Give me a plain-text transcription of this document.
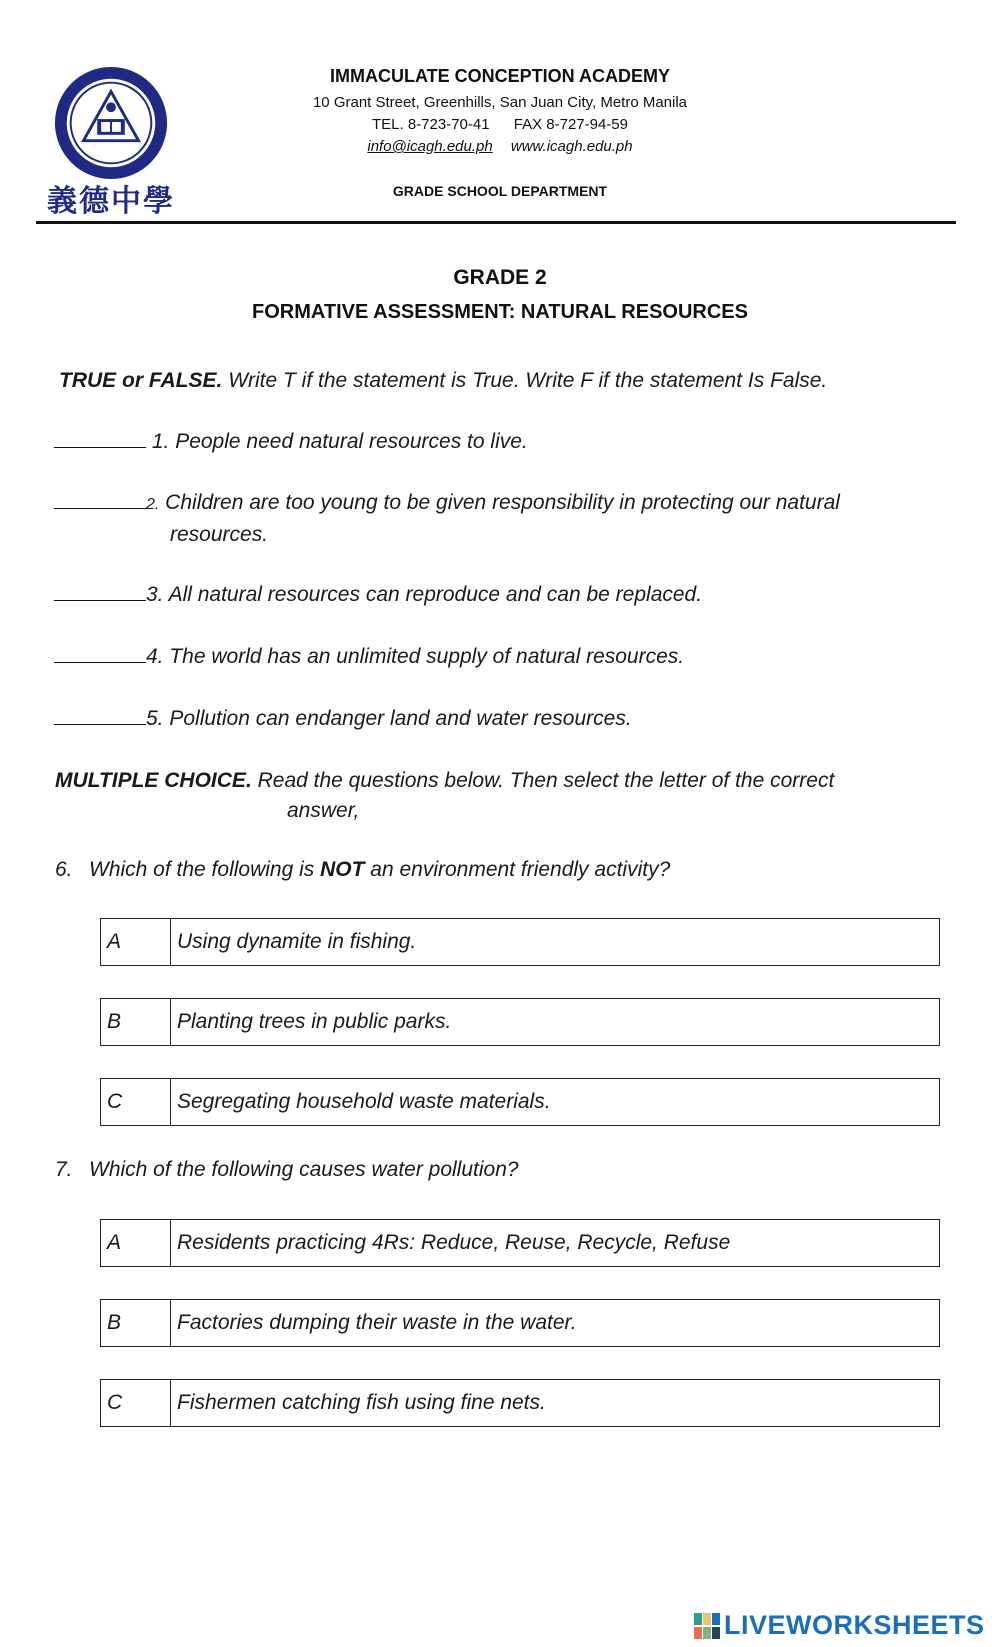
義德中學
IMMACULATE CONCEPTION ACADEMY
10 Grant Street, Greenhills, San Juan City, Metro Manila
TEL. 8-723-70-41 FAX 8-727-94-59
info@icagh.edu.ph www.icagh.edu.ph
GRADE SCHOOL DEPARTMENT
GRADE 2
FORMATIVE ASSESSMENT: NATURAL RESOURCES
TRUE or FALSE. Write T if the statement is True. Write F if the statement Is False.
1. People need natural resources to live.
2. Children are too young to be given responsibility in protecting our natural
resources.
3. All natural resources can reproduce and can be replaced.
4. The world has an unlimited supply of natural resources.
5. Pollution can endanger land and water resources.
MULTIPLE CHOICE. Read the questions below. Then select the letter of the correct
answer,
6. Which of the following is NOT an environment friendly activity?
A	Using dynamite in fishing.
B	Planting trees in public parks.
C	Segregating household waste materials.
7. Which of the following causes water pollution?
A	Residents practicing 4Rs: Reduce, Reuse, Recycle, Refuse
B	Factories dumping their waste in the water.
C	Fishermen catching fish using fine nets.
LIVEWORKSHEETS
